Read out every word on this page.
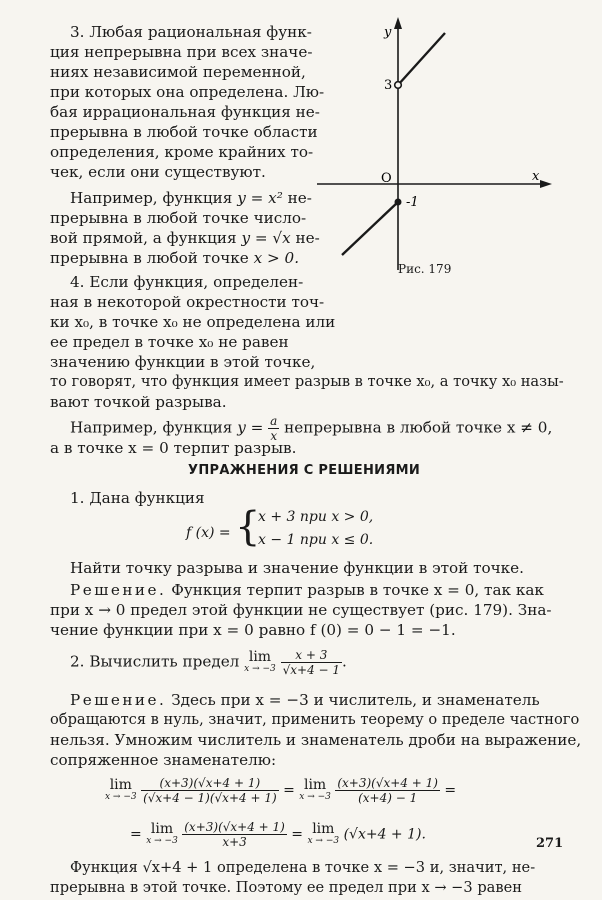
3. Любая рациональная функ-
ция непрерывна при всех значе-
ниях независимой переменной,
при которых она определена. Лю-
бая иррациональная функция не-
прерывна в любой точке области
определения, кроме крайних то-
чек, если они существуют.
Например, функция y = x² не-
прерывна в любой точке число-
вой прямой, а функция y = √x не-
прерывна в любой точке x > 0.
4. Если функция, определен-
ная в некоторой окрестности точ-
ки x₀, в точке x₀ не определена или
ее предел в точке x₀ не равен
значению функции в этой точке,
то говорят, что функция имеет разрыв в точке x₀, а точку x₀ назы-
вают точкой разрыва.
Например, функция $y = \frac{a}{x}$ непрерывна в любой точке x ≠ 0,
а в точке x = 0 терпит разрыв.
УПРАЖНЕНИЯ С РЕШЕНИЯМИ
1. Дана функция
f (x) = {
x + 3 при x > 0,
x − 1 при x ≤ 0.
Найти точку разрыва и значение функции в этой точке.
Решение. Функция терпит разрыв в точке x = 0, так как
при x → 0 предел этой функции не существует (рис. 179). Зна-
чение функции при x = 0 равно f (0) = 0 − 1 = −1.
2. Вычислить предел lim
x → −3
$\frac{x + 3}{√x+4 - 1}$ .
Решение. Здесь при x = −3 и числитель, и знаменатель
обращаются в нуль, значит, применить теорему о пределе частного
нельзя. Умножим числитель и знаменатель дроби на выражение,
сопряженное знаменателю:
lim
x → −3
$\frac{(x+3)(√x+4 + 1)}{(√x+4 - 1)(√x+4 + 1)} = \lim$
x → −3
$\frac{(x+3)(√x+4 + 1)}{(x+4) - 1}$ =
= lim
x → −3
$\frac{(x+3)(√x+4 + 1)}{x+3} = \lim$
x → −3 (√x+4 + 1).
Функция √x+4 + 1 определена в точке x = −3 и, значит, не-
прерывна в этой точке. Поэтому ее предел при x → −3 равен
271
y
x
O
3
-1
Рис. 179
